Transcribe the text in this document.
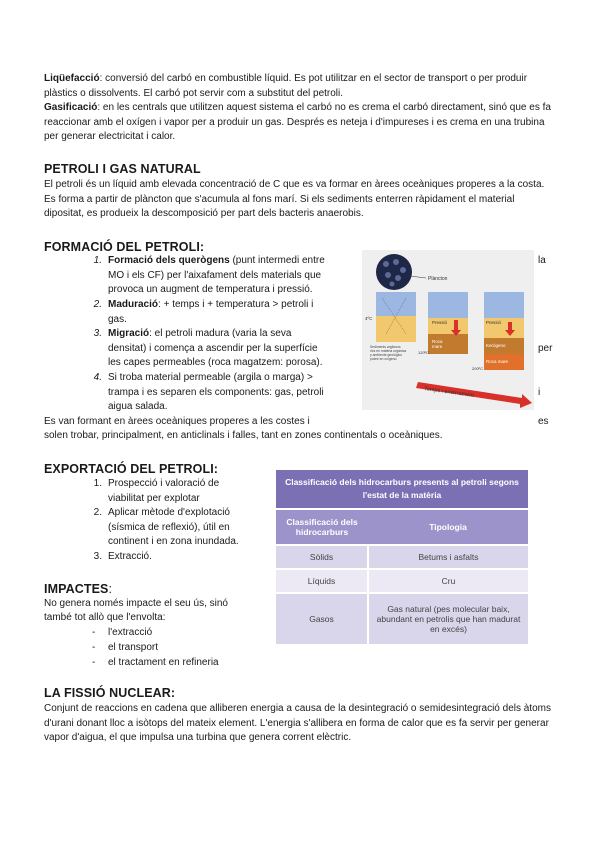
Liqüefacció: conversió del carbó en combustible líquid. Es pot utilitzar en el sector de transport o per produir plàstics o dissolvents. El carbó pot servir com a substitut del petroli.

Gasificació: en les centrals que utilitzen aquest sistema el carbó no es crema el carbó directament, sinó que es fa reaccionar amb el oxígen i vapor per a produir un gas. Després es neteja i d'impureses i es crema en una trubina per generar electricitat i calor.

PETROLI I GAS NATURAL

El petroli és un líquid amb elevada concentració de C que es va formar en àrees oceàniques properes a la costa. Es forma a partir de plàncton que s'acumula al fons marí. Si els sediments enterren ràpidament el material dipositat, es produeix la descomposició per part dels bacteris anaerobis.

FORMACIÓ DEL PETROLI:
1. Formació dels querògens (punt intermedi entre
MO i els CF) per l'aixafament dels materials que
provoca un augment de temperatura i pressió.
2. Maduració: + temps i + temperatura > petroli i
gas.
3. Migració: el petroli madura (varia la seva
densitat) i comença a ascendir per la superfície
les capes permeables (roca magatzem: porosa).
4. Si troba material permeable (argila o marga) >
trampa i es separen els components: gas, petroli
aigua salada.
la
per
i
es

Es van formant en àrees oceàniques properes a les costes i

solen trobar, principalment, en anticlinals i falles, tant en zones continentals o oceàniques.

Plàncton
4ºC
Sediments argilosos rics en matèria orgànica y ambiente geológico pobre en oxígeno.
Pressió
Roca mare
120ºC
Pressió
Kerògeno
Roca mare
200ºC
Temps i enterrament
EXPORTACIÓ DEL PETROLI:
1. Prospecció i valoració de
viabilitat per explotar
2. Aplicar mètode d'explotació
(sísmica de reflexió), útil en
continent i en zona inundada.
3. Extracció.
Classificació dels hidrocarburs presents al petroli segons l'estat de la matèria	
Classificació dels hidrocarburs	Tipologia
Sòlids	Betums i asfalts
Líquids	Cru
Gasos	Gas natural (pes molecular baix, abundant en petrolis que han madurat en excés)
IMPACTES:

No genera només impacte el seu ús, sinó

també tot allò que l'envolta:

- l'extracció
- el transport
- el tractament en refineria
LA FISSIÓ NUCLEAR:

Conjunt de reaccions en cadena que alliberen energia a causa de la desintegració o semidesintegració dels àtoms d'urani donant lloc a isòtops del mateix element. L'energia s'allibera en forma de calor que es fa servir per generar vapor d'aigua, el que impulsa una turbina que genera corrent elèctric.
